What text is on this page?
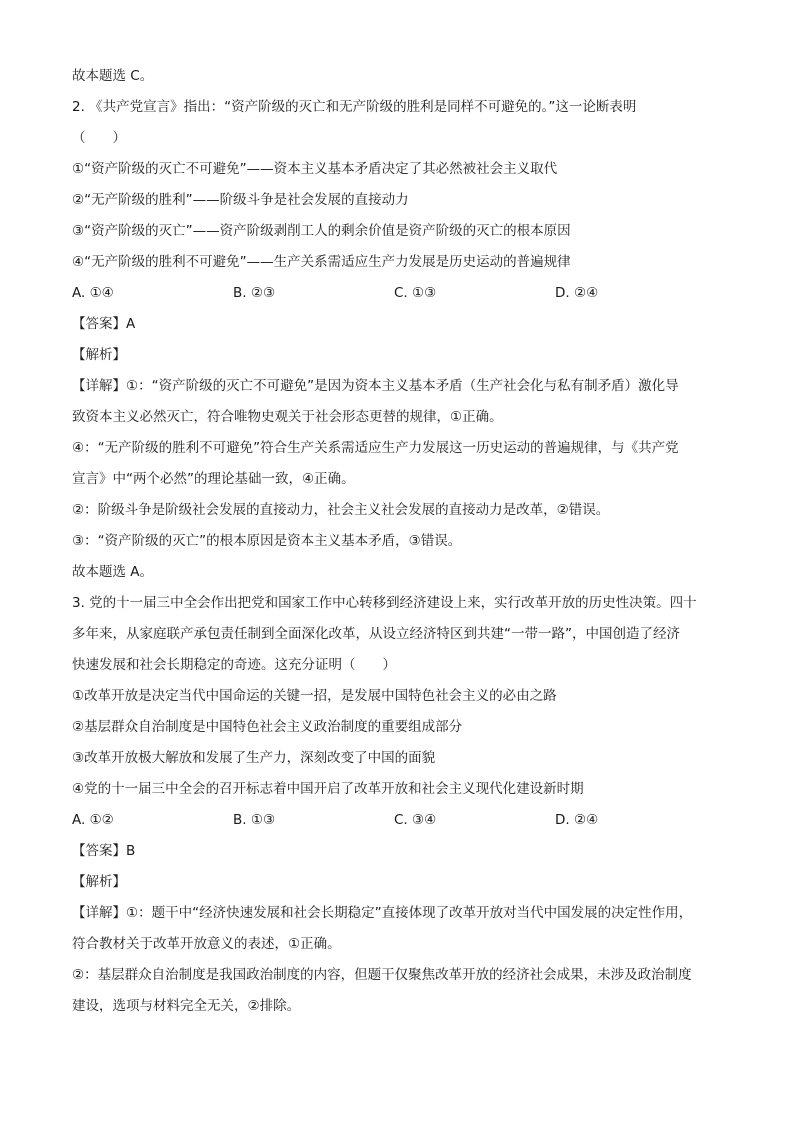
故本题选 C。
2. 《共产党宣言》指出：“资产阶级的灭亡和无产阶级的胜利是同样不可避免的。”这一论断表明
（　　）
①“资产阶级的灭亡不可避免”——资本主义基本矛盾决定了其必然被社会主义取代
②“无产阶级的胜利”——阶级斗争是社会发展的直接动力
③“资产阶级的灭亡”——资产阶级剥削工人的剩余价值是资产阶级的灭亡的根本原因
④“无产阶级的胜利不可避免”——生产关系需适应生产力发展是历史运动的普遍规律
A. ①④	B. ②③	C. ①③	D. ②④
【答案】A
【解析】
【详解】①：“资产阶级的灭亡不可避免”是因为资本主义基本矛盾（生产社会化与私有制矛盾）激化导
致资本主义必然灭亡，符合唯物史观关于社会形态更替的规律，①正确。
④：“无产阶级的胜利不可避免”符合生产关系需适应生产力发展这一历史运动的普遍规律，与《共产党
宣言》中“两个必然”的理论基础一致，④正确。
②：阶级斗争是阶级社会发展的直接动力，社会主义社会发展的直接动力是改革，②错误。
③：“资产阶级的灭亡”的根本原因是资本主义基本矛盾，③错误。
故本题选 A。
3. 党的十一届三中全会作出把党和国家工作中心转移到经济建设上来，实行改革开放的历史性决策。四十
多年来，从家庭联产承包责任制到全面深化改革，从设立经济特区到共建“一带一路”，中国创造了经济
快速发展和社会长期稳定的奇迹。这充分证明（　　）
①改革开放是决定当代中国命运的关键一招，是发展中国特色社会主义的必由之路
②基层群众自治制度是中国特色社会主义政治制度的重要组成部分
③改革开放极大解放和发展了生产力，深刻改变了中国的面貌
④党的十一届三中全会的召开标志着中国开启了改革开放和社会主义现代化建设新时期
A. ①②	B. ①③	C. ③④	D. ②④
【答案】B
【解析】
【详解】①：题干中“经济快速发展和社会长期稳定”直接体现了改革开放对当代中国发展的决定性作用，
符合教材关于改革开放意义的表述，①正确。
②：基层群众自治制度是我国政治制度的内容，但题干仅聚焦改革开放的经济社会成果，未涉及政治制度
建设，选项与材料完全无关，②排除。
